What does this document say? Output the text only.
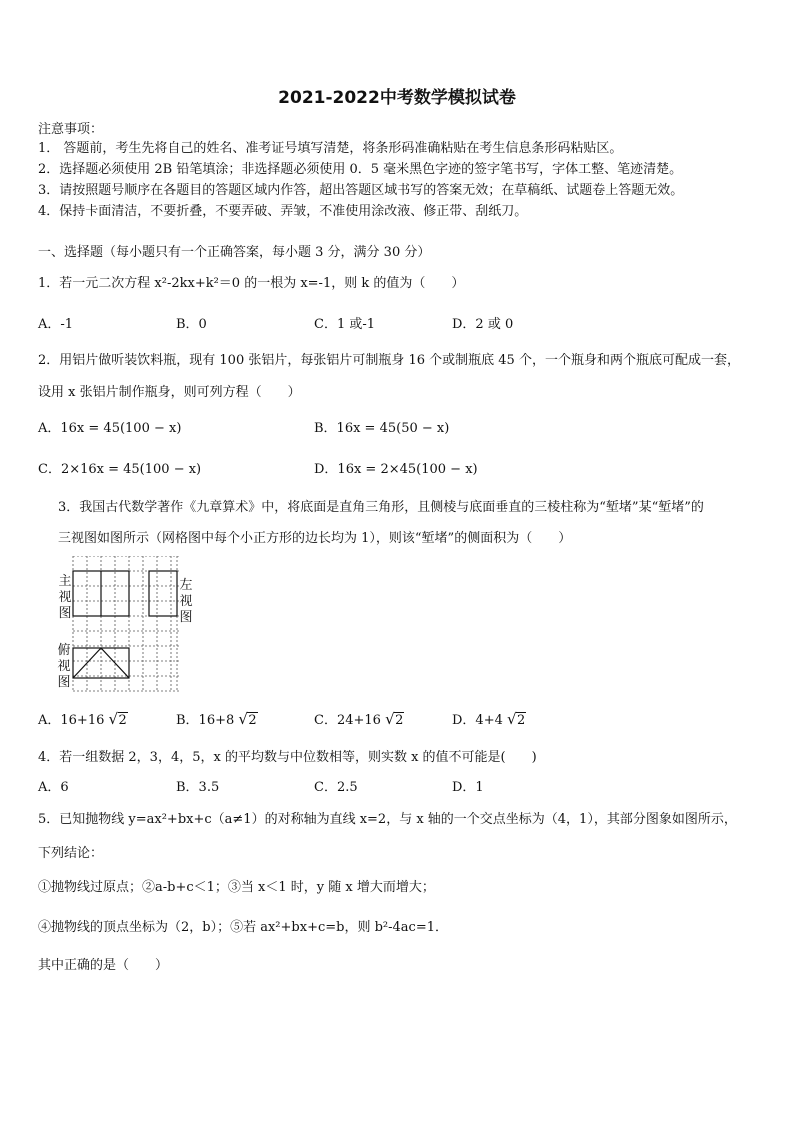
2021-2022中考数学模拟试卷
注意事项：
1． 答题前，考生先将自己的姓名、准考证号填写清楚，将条形码准确粘贴在考生信息条形码粘贴区。
2．选择题必须使用 2B 铅笔填涂；非选择题必须使用 0．5 毫米黑色字迹的签字笔书写，字体工整、笔迹清楚。
3．请按照题号顺序在各题目的答题区域内作答，超出答题区域书写的答案无效；在草稿纸、试题卷上答题无效。
4．保持卡面清洁，不要折叠，不要弄破、弄皱，不准使用涂改液、修正带、刮纸刀。
一、选择题（每小题只有一个正确答案，每小题 3 分，满分 30 分）
1．若一元二次方程 x²-2kx+k²＝0 的一根为 x=-1，则 k 的值为（　　）
A．-1	B．0	C．1 或-1	D．2 或 0
2．用铝片做听装饮料瓶，现有 100 张铝片，每张铝片可制瓶身 16 个或制瓶底 45 个，一个瓶身和两个瓶底可配成一套，
设用 x 张铝片制作瓶身，则可列方程（　　）
A．16x = 45(100 − x)	B．16x = 45(50 − x)
C．2×16x = 45(100 − x)	D．16x = 2×45(100 − x)
3．我国古代数学著作《九章算术》中，将底面是直角三角形，且侧棱与底面垂直的三棱柱称为“堑堵”某“堑堵”的
三视图如图所示（网格图中每个小正方形的边长均为 1），则该“堑堵”的侧面积为（　　）
主
视
图
左
视
图
俯
视
图
A．16+16 √ 2	B．16+8 √ 2	C．24+16 √ 2	D．4+4 √ 2
4．若一组数据 2，3，4，5，x 的平均数与中位数相等，则实数 x 的值不可能是(　　)
A．6	B．3.5	C．2.5	D．1
5．已知抛物线 y=ax²+bx+c（a≠1）的对称轴为直线 x=2，与 x 轴的一个交点坐标为（4，1），其部分图象如图所示，
下列结论：
①抛物线过原点；②a-b+c＜1；③当 x＜1 时，y 随 x 增大而增大；
④抛物线的顶点坐标为（2，b）；⑤若 ax²+bx+c=b，则 b²-4ac=1．
其中正确的是（　　）
